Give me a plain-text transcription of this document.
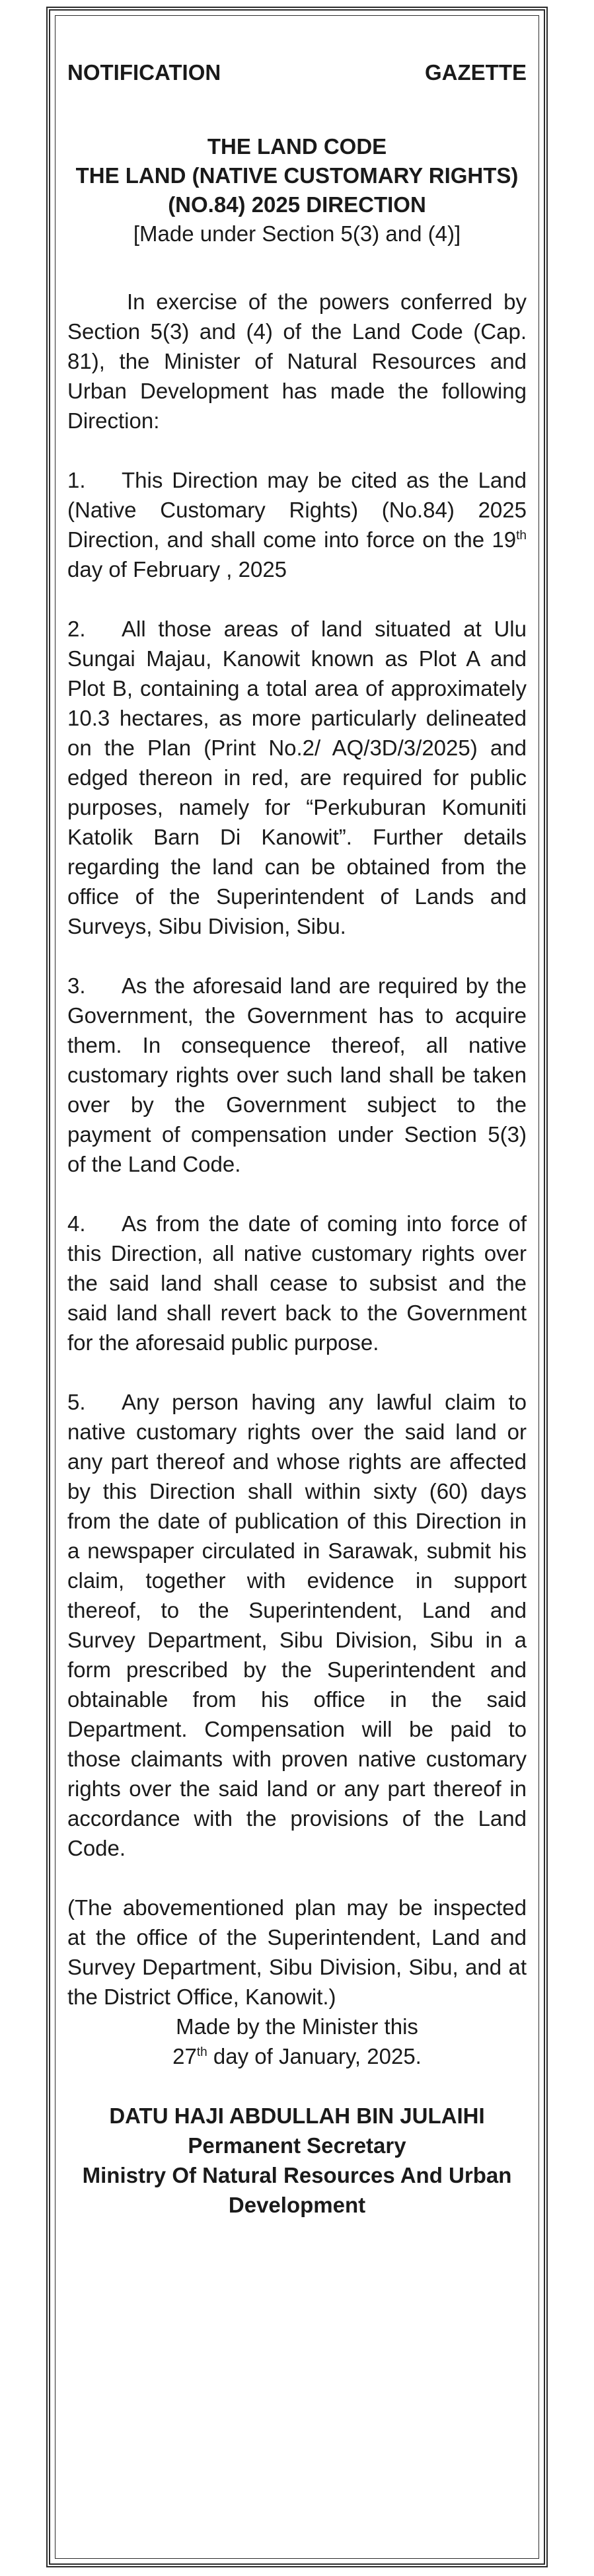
NOTIFICATION	GAZETTE
THE LAND CODE
THE LAND (NATIVE CUSTOMARY RIGHTS)
(NO.84) 2025 DIRECTION
[Made under Section 5(3) and (4)]

In exercise of the powers conferred by Section 5(3) and (4) of the Land Code (Cap. 81), the Minister of Natural Resources and Urban Development has made the following Direction:

1. This Direction may be cited as the Land (Native Customary Rights) (No.84) 2025 Direction, and shall come into force on the 19th day of February , 2025

2. All those areas of land situated at Ulu Sungai Majau, Kanowit known as Plot A and Plot B, containing a total area of approximately 10.3 hectares, as more particularly delineated on the Plan (Print No.2/ AQ/3D/3/2025) and edged thereon in red, are required for public purposes, namely for “Perkuburan Komuniti Katolik Barn Di Kanowit”. Further details regarding the land can be obtained from the office of the Superintendent of Lands and Surveys, Sibu Division, Sibu.

3. As the aforesaid land are required by the Government, the Government has to acquire them. In consequence thereof, all native customary rights over such land shall be taken over by the Government subject to the payment of compensation under Section 5(3) of the Land Code.

4. As from the date of coming into force of this Direction, all native customary rights over the said land shall cease to subsist and the said land shall revert back to the Government for the aforesaid public purpose.

5. Any person having any lawful claim to native customary rights over the said land or any part thereof and whose rights are affected by this Direction shall within sixty (60) days from the date of publication of this Direction in a newspaper circulated in Sarawak, submit his claim, together with evidence in support thereof, to the Superintendent, Land and Survey Department, Sibu Division, Sibu in a form prescribed by the Superintendent and obtainable from his office in the said Department. Compensation will be paid to those claimants with proven native customary rights over the said land or any part thereof in accordance with the provisions of the Land Code.

(The abovementioned plan may be inspected at the office of the Superintendent, Land and Survey Department, Sibu Division, Sibu, and at the District Office, Kanowit.)

Made by the Minister this
27th day of January, 2025.
DATU HAJI ABDULLAH BIN JULAIHI
Permanent Secretary
Ministry Of Natural Resources And Urban Development
